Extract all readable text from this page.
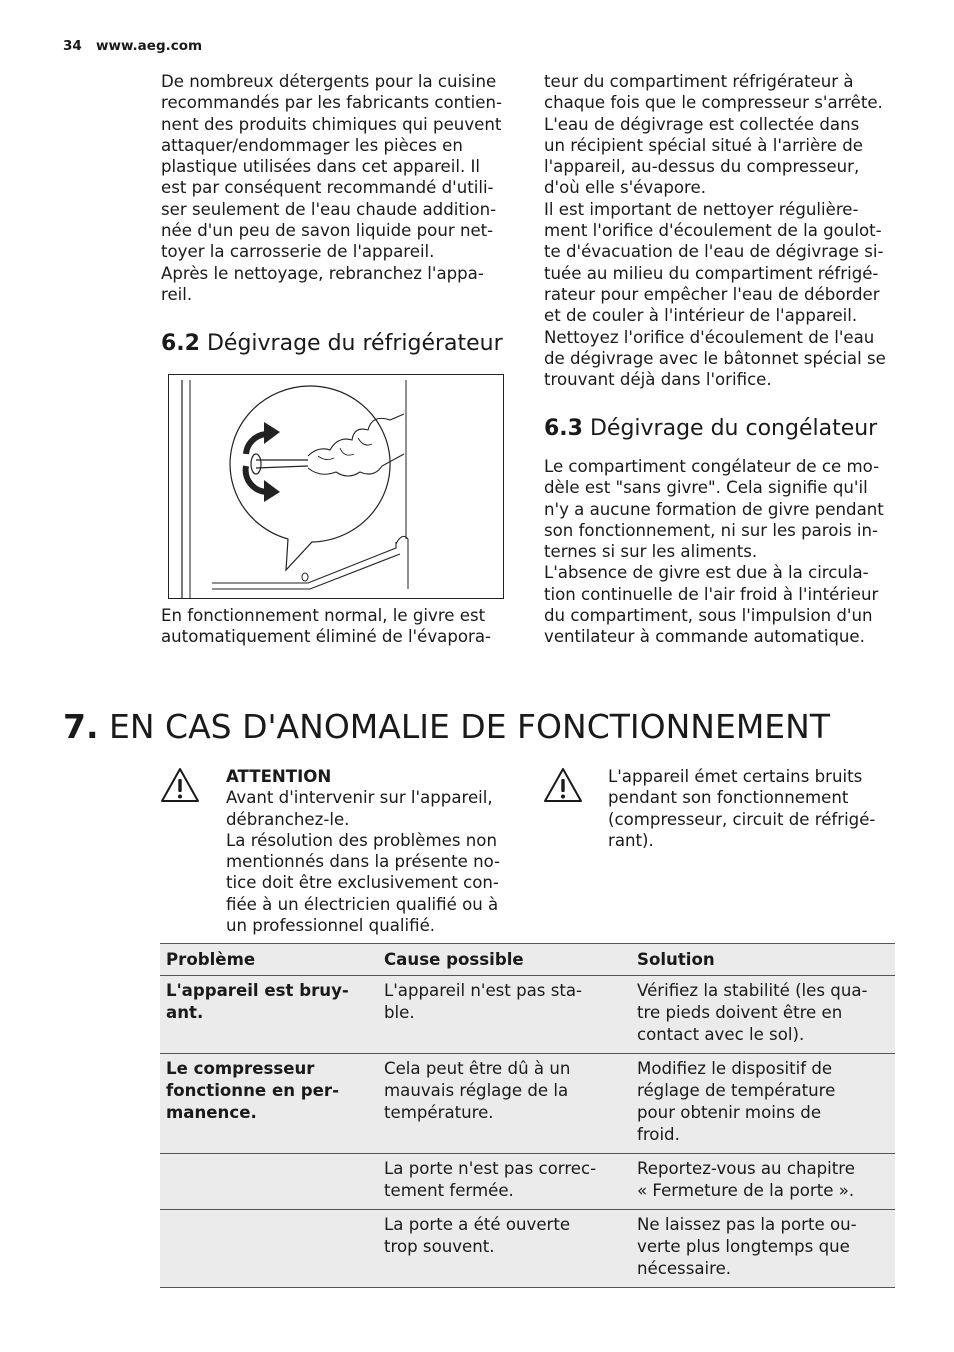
34 www.aeg.com
De nombreux détergents pour la cuisine
recommandés par les fabricants contien-
nent des produits chimiques qui peuvent
attaquer/endommager les pièces en
plastique utilisées dans cet appareil. Il
est par conséquent recommandé d'utili-
ser seulement de l'eau chaude addition-
née d'un peu de savon liquide pour net-
toyer la carrosserie de l'appareil.
Après le nettoyage, rebranchez l'appa-
reil.
6.2 Dégivrage du réfrigérateur
En fonctionnement normal, le givre est
automatiquement éliminé de l'évapora-
teur du compartiment réfrigérateur à
chaque fois que le compresseur s'arrête.
L'eau de dégivrage est collectée dans
un récipient spécial situé à l'arrière de
l'appareil, au-dessus du compresseur,
d'où elle s'évapore.
Il est important de nettoyer régulière-
ment l'orifice d'écoulement de la goulot-
te d'évacuation de l'eau de dégivrage si-
tuée au milieu du compartiment réfrigé-
rateur pour empêcher l'eau de déborder
et de couler à l'intérieur de l'appareil.
Nettoyez l'orifice d'écoulement de l'eau
de dégivrage avec le bâtonnet spécial se
trouvant déjà dans l'orifice.
6.3 Dégivrage du congélateur
Le compartiment congélateur de ce mo-
dèle est "sans givre". Cela signifie qu'il
n'y a aucune formation de givre pendant
son fonctionnement, ni sur les parois in-
ternes si sur les aliments.
L'absence de givre est due à la circula-
tion continuelle de l'air froid à l'intérieur
du compartiment, sous l'impulsion d'un
ventilateur à commande automatique.
7. EN CAS D'ANOMALIE DE FONCTIONNEMENT
ATTENTION
Avant d'intervenir sur l'appareil,
débranchez-le.
La résolution des problèmes non
mentionnés dans la présente no-
tice doit être exclusivement con-
fiée à un électricien qualifié ou à
un professionnel qualifié.
L'appareil émet certains bruits
pendant son fonctionnement
(compresseur, circuit de réfrigé-
rant).
Problème	Cause possible	Solution

L'appareil est bruy-
ant.	L'appareil n'est pas sta-
ble.	Vérifiez la stabilité (les qua-
tre pieds doivent être en
contact avec le sol).

Le compresseur
fonctionne en per-
manence.	Cela peut être dû à un
mauvais réglage de la
température.	Modifiez le dispositif de
réglage de température
pour obtenir moins de
froid.

	La porte n'est pas correc-
tement fermée.	Reportez-vous au chapitre
« Fermeture de la porte ».

	La porte a été ouverte
trop souvent.	Ne laissez pas la porte ou-
verte plus longtemps que
nécessaire.
